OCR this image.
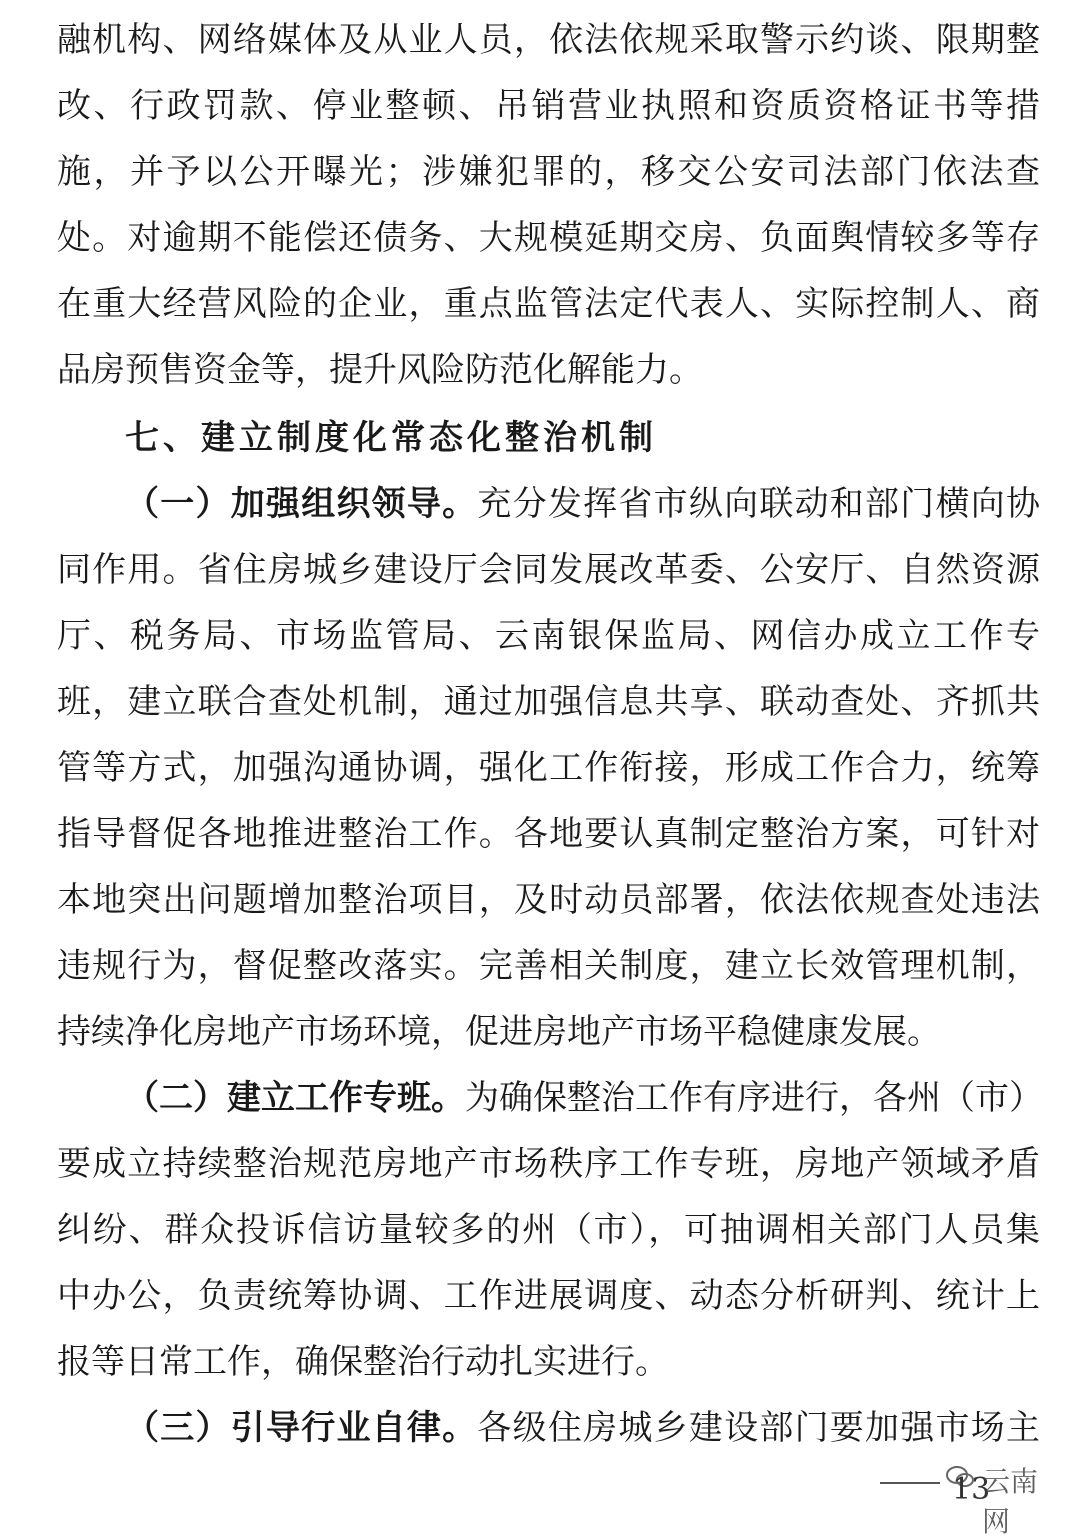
融机构、网络媒体及从业人员，依法依规采取警示约谈、限期整
改、行政罚款、停业整顿、吊销营业执照和资质资格证书等措
施，并予以公开曝光；涉嫌犯罪的，移交公安司法部门依法查
处。对逾期不能偿还债务、大规模延期交房、负面舆情较多等存
在重大经营风险的企业，重点监管法定代表人、实际控制人、商
品房预售资金等，提升风险防范化解能力。
七、建立制度化常态化整治机制
（一）加强组织领导。充分发挥省市纵向联动和部门横向协
同作用。省住房城乡建设厅会同发展改革委、公安厅、自然资源
厅、税务局、市场监管局、云南银保监局、网信办成立工作专
班，建立联合查处机制，通过加强信息共享、联动查处、齐抓共
管等方式，加强沟通协调，强化工作衔接，形成工作合力，统筹
指导督促各地推进整治工作。各地要认真制定整治方案，可针对
本地突出问题增加整治项目，及时动员部署，依法依规查处违法
违规行为，督促整改落实。完善相关制度，建立长效管理机制，
持续净化房地产市场环境，促进房地产市场平稳健康发展。
（二）建立工作专班。为确保整治工作有序进行，各州（市）
要成立持续整治规范房地产市场秩序工作专班，房地产领域矛盾
纠纷、群众投诉信访量较多的州（市），可抽调相关部门人员集
中办公，负责统筹协调、工作进展调度、动态分析研判、统计上
报等日常工作，确保整治行动扎实进行。
（三）引导行业自律。各级住房城乡建设部门要加强市场主
13
云南网
